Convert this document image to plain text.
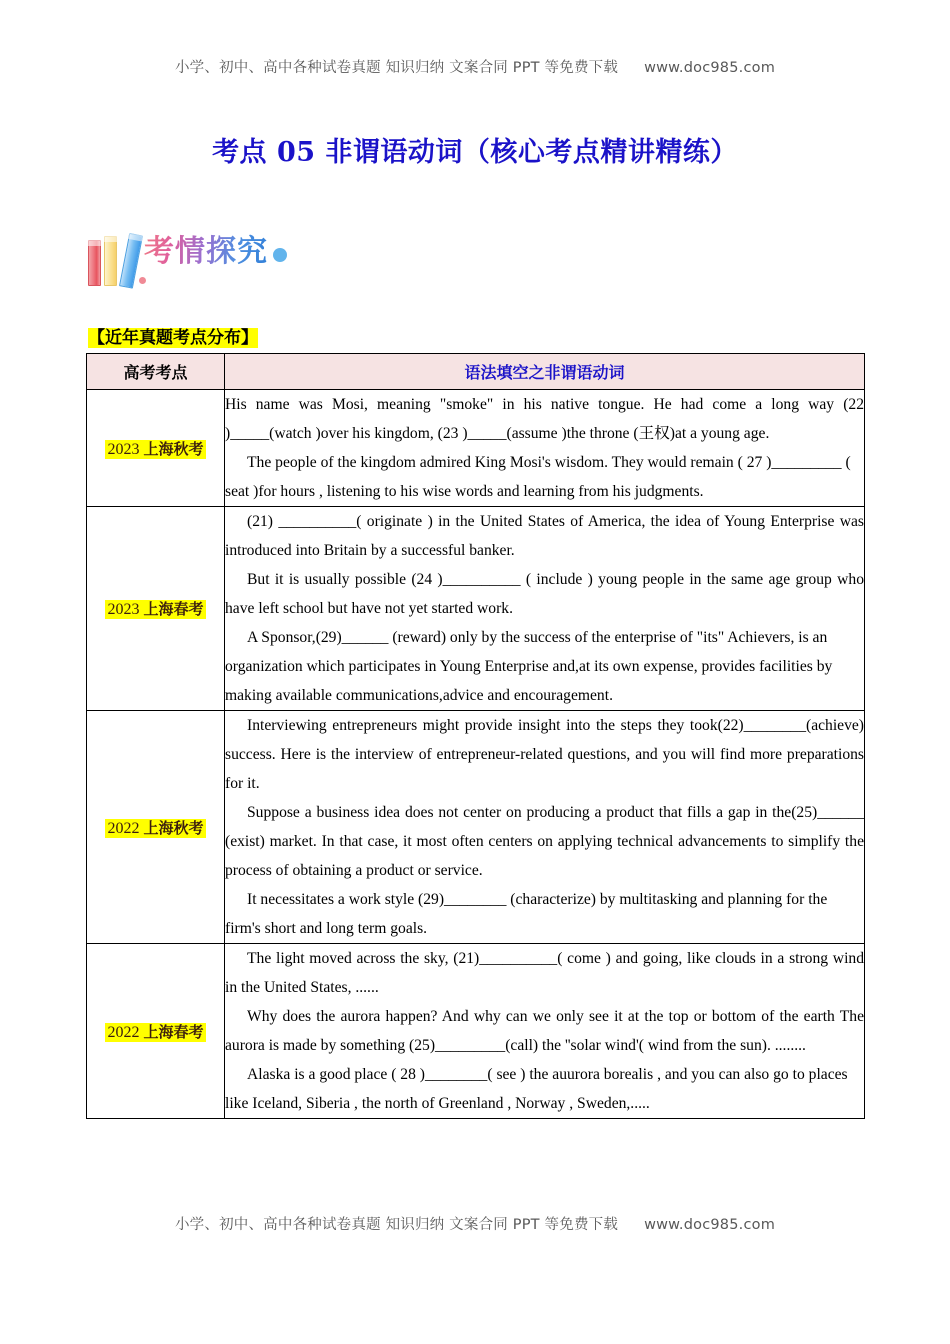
小学、初中、高中各种试卷真题 知识归纳 文案合同 PPT 等免费下载 www.doc985.com
考点 05 非谓语动词（核心考点精讲精练）
考情探究
【近年真题考点分布】
高考考点	语法填空之非谓语动词
2023 上海秋考	His name was Mosi, meaning "smoke" in his native tongue. He had come a long way (22 )_____(watch )over his kingdom, (23 )_____(assume )the throne (王权)at a young age.

The people of the kingdom admired King Mosi's wisdom. They would remain ( 27 )_________ ( seat )for hours , listening to his wise words and learning from his judgments.

2023 上海春考	(21) __________( originate ) in the United States of America, the idea of Young Enterprise was introduced into Britain by a successful banker.

But it is usually possible (24 )__________ ( include ) young people in the same age group who have left school but have not yet started work.

A Sponsor,(29)______ (reward) only by the success of the enterprise of "its" Achievers, is an organization which participates in Young Enterprise and,at its own expense, provides facilities by making available communications,advice and encouragement.

2022 上海秋考	Interviewing entrepreneurs might provide insight into the steps they took(22)________(achieve) success. Here is the interview of entrepreneur-related questions, and you will find more preparations for it.

Suppose a business idea does not center on producing a product that fills a gap in the(25)______ (exist) market. In that case, it most often centers on applying technical advancements to simplify the process of obtaining a product or service.

It necessitates a work style (29)________ (characterize) by multitasking and planning for the firm's short and long term goals.

2022 上海春考	The light moved across the sky, (21)__________( come ) and going, like clouds in a strong wind in the United States, ......

Why does the aurora happen? And why can we only see it at the top or bottom of the earth The aurora is made by something (25)_________(call) the ''solar wind'( wind from the sun). ........

Alaska is a good place ( 28 )________( see ) the auurora borealis , and you can also go to places like Iceland, Siberia , the north of Greenland , Norway , Sweden,.....

小学、初中、高中各种试卷真题 知识归纳 文案合同 PPT 等免费下载 www.doc985.com
